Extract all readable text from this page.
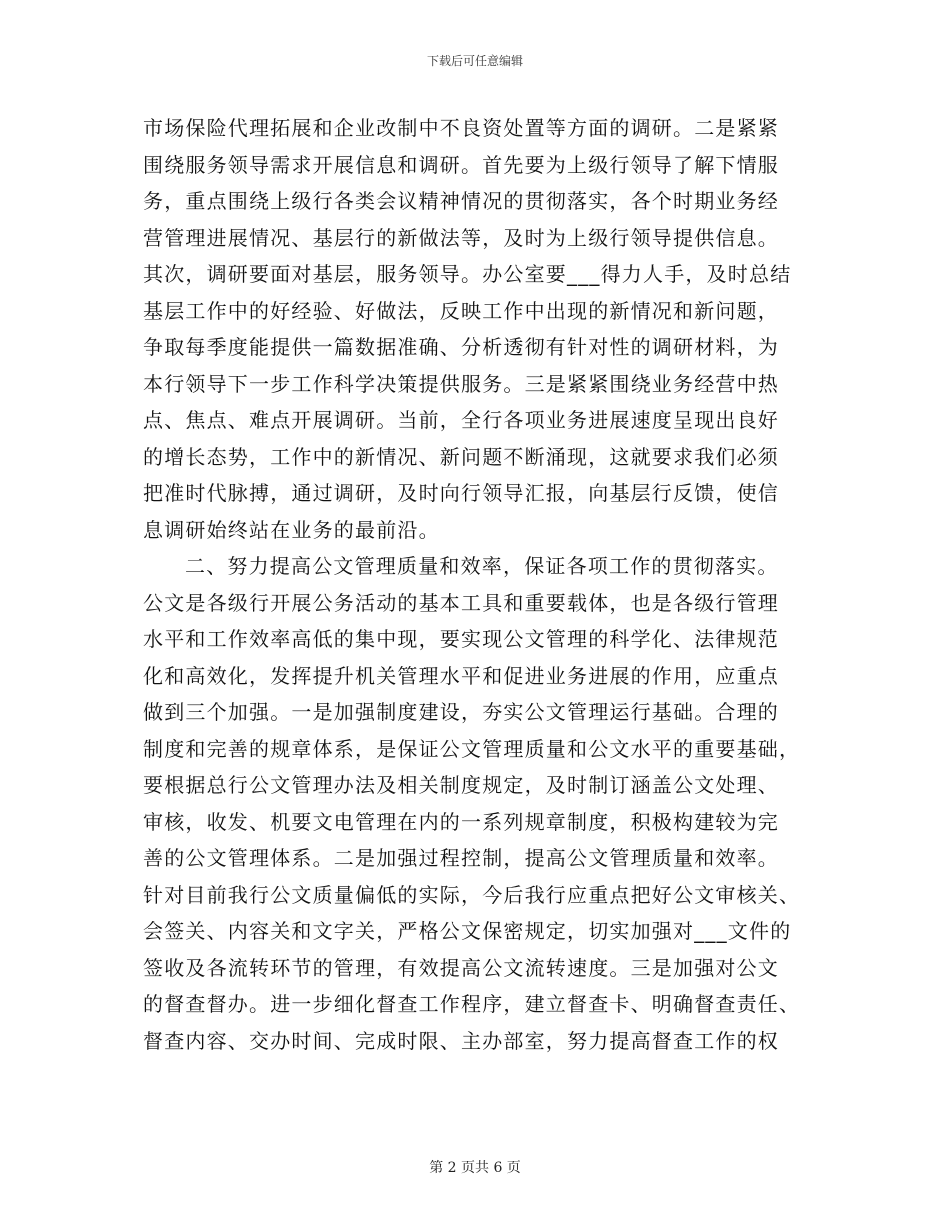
下载后可任意编辑
市场保险代理拓展和企业改制中不良资处置等方面的调研。二是紧紧
围绕服务领导需求开展信息和调研。首先要为上级行领导了解下情服
务，重点围绕上级行各类会议精神情况的贯彻落实，各个时期业务经
营管理进展情况、基层行的新做法等，及时为上级行领导提供信息。
其次，调研要面对基层，服务领导。办公室要___得力人手，及时总结
基层工作中的好经验、好做法，反映工作中出现的新情况和新问题，
争取每季度能提供一篇数据准确、分析透彻有针对性的调研材料，为
本行领导下一步工作科学决策提供服务。三是紧紧围绕业务经营中热
点、焦点、难点开展调研。当前，全行各项业务进展速度呈现出良好
的增长态势，工作中的新情况、新问题不断涌现，这就要求我们必须
把准时代脉搏，通过调研，及时向行领导汇报，向基层行反馈，使信
息调研始终站在业务的最前沿。
二、努力提高公文管理质量和效率，保证各项工作的贯彻落实。
公文是各级行开展公务活动的基本工具和重要载体，也是各级行管理
水平和工作效率高低的集中现，要实现公文管理的科学化、法律规范
化和高效化，发挥提升机关管理水平和促进业务进展的作用，应重点
做到三个加强。一是加强制度建设，夯实公文管理运行基础。合理的
制度和完善的规章体系，是保证公文管理质量和公文水平的重要基础，
要根据总行公文管理办法及相关制度规定，及时制订涵盖公文处理、
审核，收发、机要文电管理在内的一系列规章制度，积极构建较为完
善的公文管理体系。二是加强过程控制，提高公文管理质量和效率。
针对目前我行公文质量偏低的实际，今后我行应重点把好公文审核关、
会签关、内容关和文字关，严格公文保密规定，切实加强对___文件的
签收及各流转环节的管理，有效提高公文流转速度。三是加强对公文
的督查督办。进一步细化督查工作程序，建立督查卡、明确督查责任、
督查内容、交办时间、完成时限、主办部室，努力提高督查工作的权
第 2 页共 6 页
